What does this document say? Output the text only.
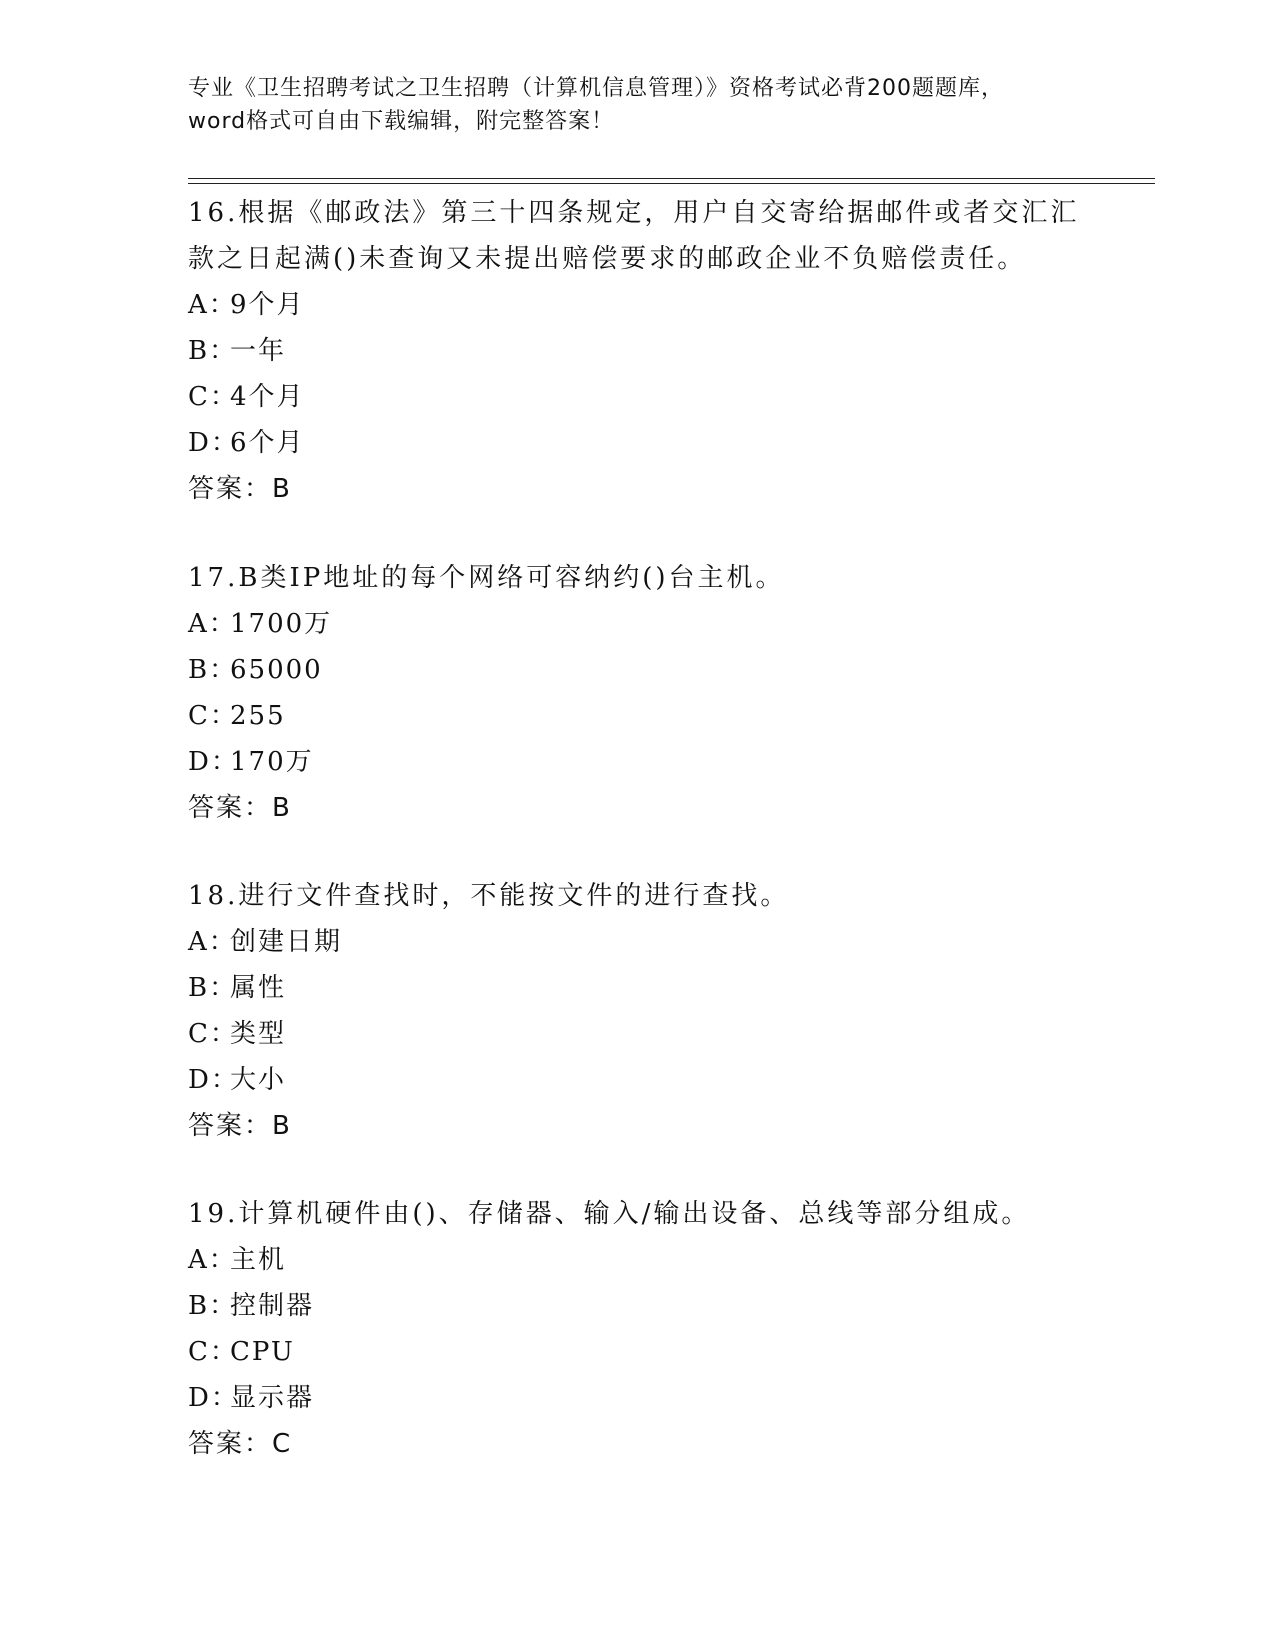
专业《卫生招聘考试之卫生招聘（计算机信息管理）》资格考试必背200题题库，
word格式可自由下载编辑，附完整答案！
16.根据《邮政法》第三十四条规定，用户自交寄给据邮件或者交汇汇
款之日起满()未查询又未提出赔偿要求的邮政企业不负赔偿责任。
A：9个月
B：一年
C：4个月
D：6个月
答案：B
17.B类IP地址的每个网络可容纳约()台主机。
A：1700万
B：65000
C：255
D：170万
答案：B
18.进行文件查找时，不能按文件的进行查找。
A：创建日期
B：属性
C：类型
D：大小
答案：B
19.计算机硬件由()、存储器、输入/输出设备、总线等部分组成。
A：主机
B：控制器
C：CPU
D：显示器
答案：C
